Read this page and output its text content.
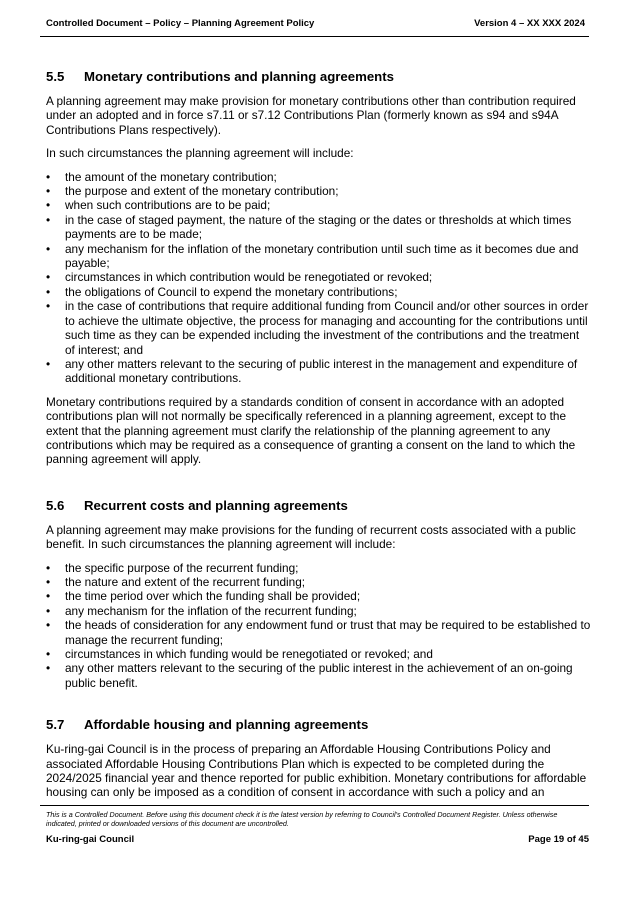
Controlled Document – Policy – Planning Agreement Policy	Version 4 – XX XXX 2024
5.5	Monetary contributions and planning agreements

A planning agreement may make provision for monetary contributions other than contribution required under an adopted and in force s7.11 or s7.12 Contributions Plan (formerly known as s94 and s94A Contributions Plans respectively).

In such circumstances the planning agreement will include:

• the amount of the monetary contribution;
• the purpose and extent of the monetary contribution;
• when such contributions are to be paid;
• in the case of staged payment, the nature of the staging or the dates or thresholds at which times payments are to be made;
• any mechanism for the inflation of the monetary contribution until such time as it becomes due and payable;
• circumstances in which contribution would be renegotiated or revoked;
• the obligations of Council to expend the monetary contributions;
• in the case of contributions that require additional funding from Council and/or other sources in order to achieve the ultimate objective, the process for managing and accounting for the contributions until such time as they can be expended including the investment of the contributions and the treatment of interest; and
• any other matters relevant to the securing of public interest in the management and expenditure of additional monetary contributions.

Monetary contributions required by a standards condition of consent in accordance with an adopted contributions plan will not normally be specifically referenced in a planning agreement, except to the extent that the planning agreement must clarify the relationship of the planning agreement to any contributions which may be required as a consequence of granting a consent on the land to which the panning agreement will apply.

5.6	Recurrent costs and planning agreements

A planning agreement may make provisions for the funding of recurrent costs associated with a public benefit. In such circumstances the planning agreement will include:

• the specific purpose of the recurrent funding;
• the nature and extent of the recurrent funding;
• the time period over which the funding shall be provided;
• any mechanism for the inflation of the recurrent funding;
• the heads of consideration for any endowment fund or trust that may be required to be established to manage the recurrent funding;
• circumstances in which funding would be renegotiated or revoked; and
• any other matters relevant to the securing of the public interest in the achievement of an on-going public benefit.
5.7	Affordable housing and planning agreements

Ku-ring-gai Council is in the process of preparing an Affordable Housing Contributions Policy and associated Affordable Housing Contributions Plan which is expected to be completed during the 2024/2025 financial year and thence reported for public exhibition. Monetary contributions for affordable housing can only be imposed as a condition of consent in accordance with such a policy and an

This is a Controlled Document. Before using this document check it is the latest version by referring to Council’s Controlled Document Register. Unless otherwise indicated, printed or downloaded versions of this document are uncontrolled.
Ku-ring-gai Council	Page 19 of 45
